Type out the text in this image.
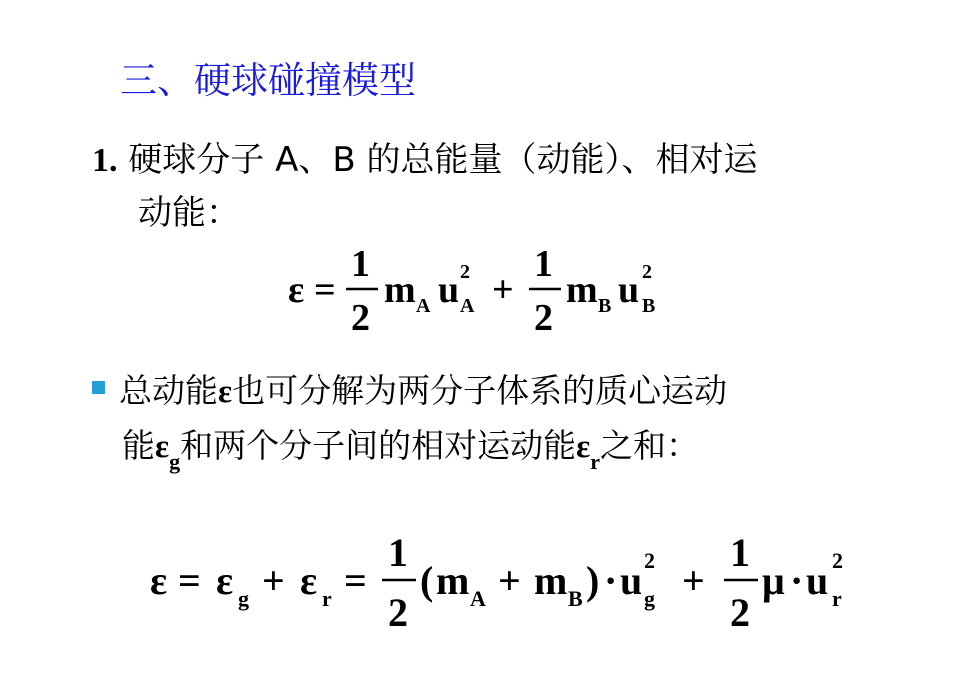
三、硬球碰撞模型
1. 硬球分子 A、B 的总能量（动能）、相对运
动能：
ε =
1
2
m A u 2
A +
1
2
m B u 2
B
总动能ε也可分解为两分子体系的质心运动
能$\varepsilon_g$和两个分子间的相对运动能$\varepsilon_r$之和：
ε = ε g + ε r =
1
2
( m A + m B ) · u 2
g +
1
2
μ · u 2
r
